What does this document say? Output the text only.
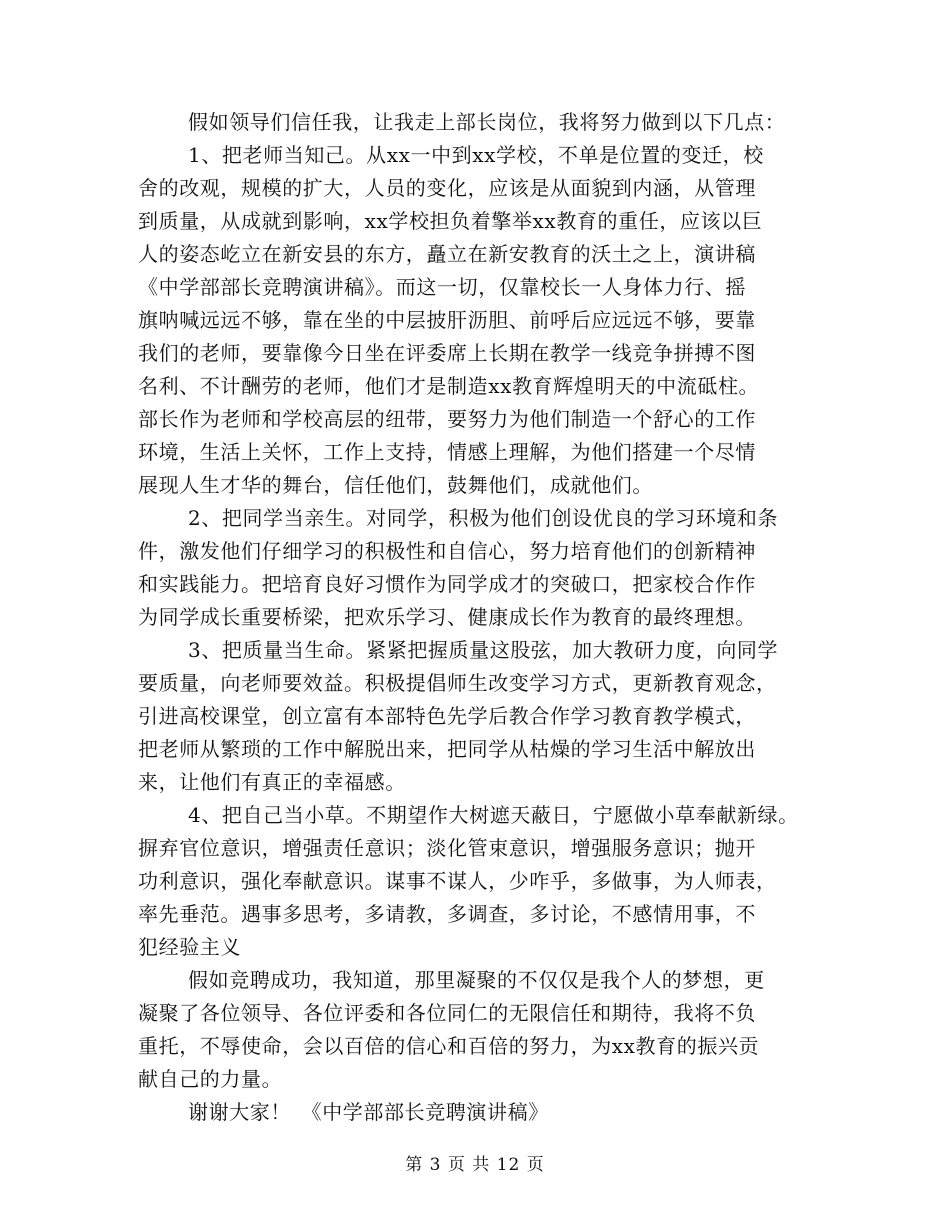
假如领导们信任我，让我走上部长岗位，我将努力做到以下几点：
1、把老师当知己。从xx一中到xx学校，不单是位置的变迁，校
舍的改观，规模的扩大，人员的变化，应该是从面貌到内涵，从管理
到质量，从成就到影响，xx学校担负着擎举xx教育的重任，应该以巨
人的姿态屹立在新安县的东方，矗立在新安教育的沃土之上，演讲稿
《中学部部长竞聘演讲稿》。而这一切，仅靠校长一人身体力行、摇
旗呐喊远远不够，靠在坐的中层披肝沥胆、前呼后应远远不够，要靠
我们的老师，要靠像今日坐在评委席上长期在教学一线竞争拼搏不图
名利、不计酬劳的老师，他们才是制造xx教育辉煌明天的中流砥柱。
部长作为老师和学校高层的纽带，要努力为他们制造一个舒心的工作
环境，生活上关怀，工作上支持，情感上理解，为他们搭建一个尽情
展现人生才华的舞台，信任他们，鼓舞他们，成就他们。
2、把同学当亲生。对同学，积极为他们创设优良的学习环境和条
件，激发他们仔细学习的积极性和自信心，努力培育他们的创新精神
和实践能力。把培育良好习惯作为同学成才的突破口，把家校合作作
为同学成长重要桥梁，把欢乐学习、健康成长作为教育的最终理想。
3、把质量当生命。紧紧把握质量这股弦，加大教研力度，向同学
要质量，向老师要效益。积极提倡师生改变学习方式，更新教育观念，
引进高校课堂，创立富有本部特色先学后教合作学习教育教学模式，
把老师从繁琐的工作中解脱出来，把同学从枯燥的学习生活中解放出
来，让他们有真正的幸福感。
4、把自己当小草。不期望作大树遮天蔽日，宁愿做小草奉献新绿。
摒弃官位意识，增强责任意识；淡化管束意识，增强服务意识；抛开
功利意识，强化奉献意识。谋事不谋人，少咋乎，多做事，为人师表，
率先垂范。遇事多思考，多请教，多调查，多讨论，不感情用事，不
犯经验主义
假如竞聘成功，我知道，那里凝聚的不仅仅是我个人的梦想，更
凝聚了各位领导、各位评委和各位同仁的无限信任和期待，我将不负
重托，不辱使命，会以百倍的信心和百倍的努力，为xx教育的振兴贡
献自己的力量。
谢谢大家！　《中学部部长竞聘演讲稿》
第 3 页 共 12 页
